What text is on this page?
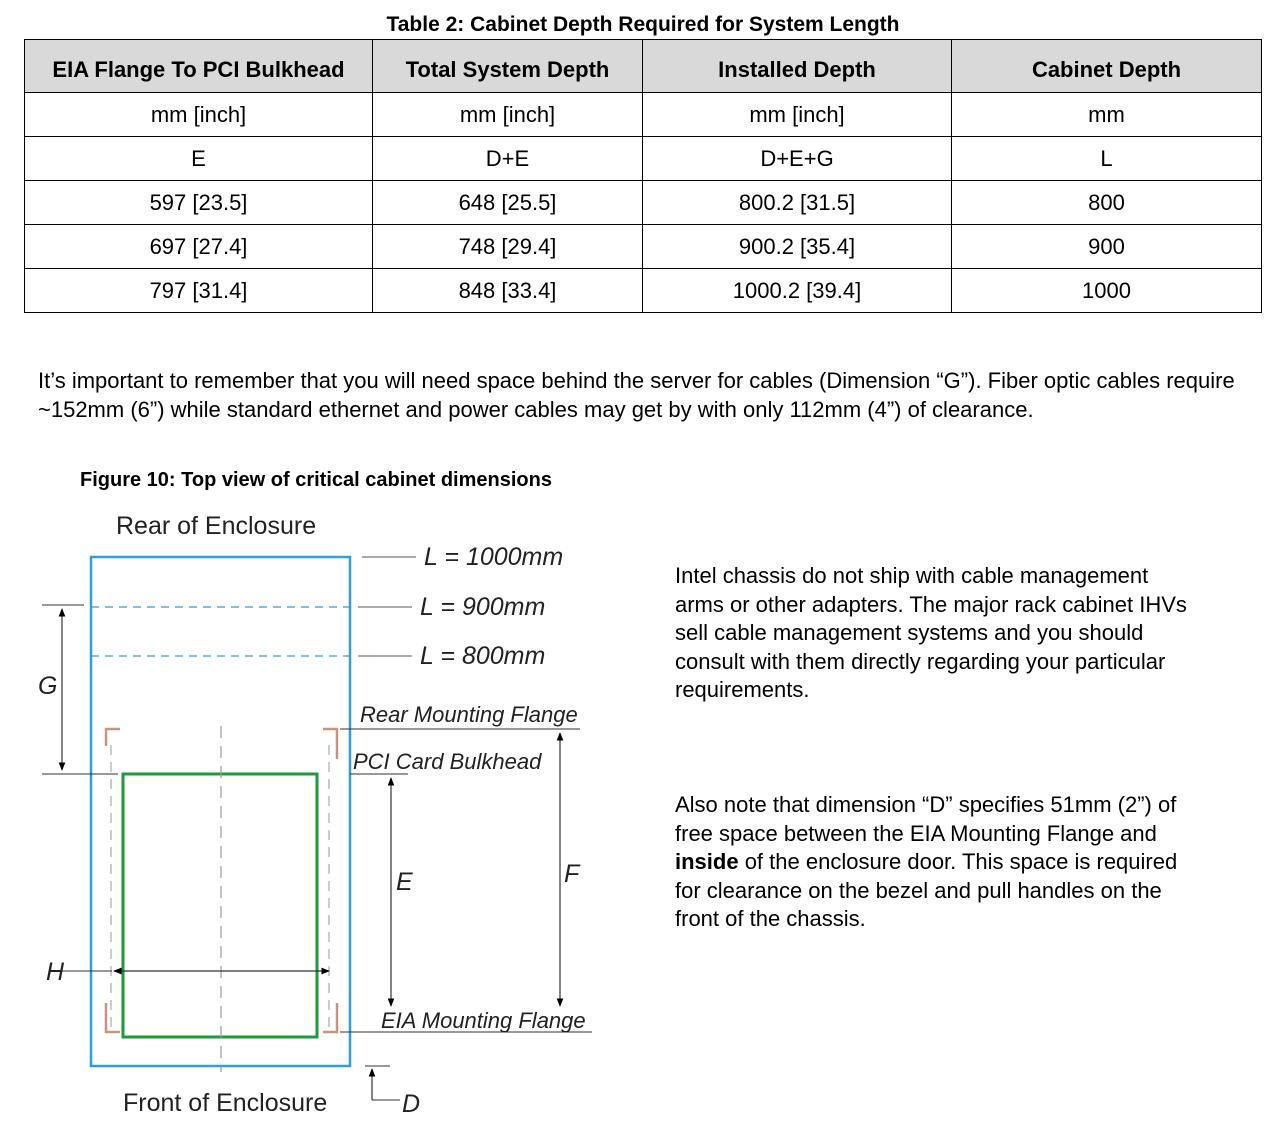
Table 2: Cabinet Depth Required for System Length
EIA Flange To PCI Bulkhead	Total System Depth	Installed Depth	Cabinet Depth
mm [inch]	mm [inch]	mm [inch]	mm
E	D+E	D+E+G	L
597 [23.5]	648 [25.5]	800.2 [31.5]	800
697 [27.4]	748 [29.4]	900.2 [35.4]	900
797 [31.4]	848 [33.4]	1000.2 [39.4]	1000
It’s important to remember that you will need space behind the server for cables (Dimension “G”). Fiber optic cables require ~152mm (6”) while standard ethernet and power cables may get by with only 112mm (4”) of clearance.
Figure 10: Top view of critical cabinet dimensions
Rear of Enclosure
Front of Enclosure
L = 1000mm
L = 900mm
L = 800mm
G
H
Rear Mounting Flange
PCI Card Bulkhead
E	F
EIA Mounting Flange
D
Intel chassis do not ship with cable management arms or other adapters. The major rack cabinet IHVs sell cable management systems and you should consult with them directly regarding your particular requirements.
Also note that dimension “D” specifies 51mm (2”) of free space between the EIA Mounting Flange and inside of the enclosure door. This space is required for clearance on the bezel and pull handles on the front of the chassis.
